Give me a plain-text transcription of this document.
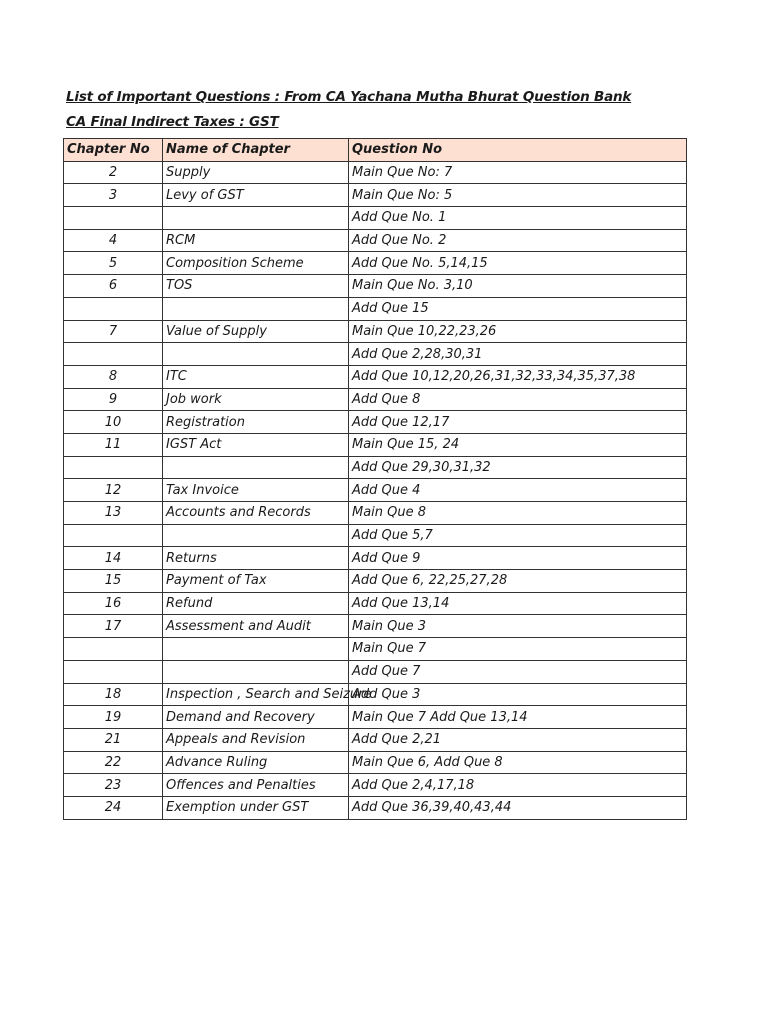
List of Important Questions : From CA Yachana Mutha Bhurat Question Bank
CA Final Indirect Taxes : GST
Chapter No	Name of Chapter	Question No
2	Supply	Main Que No: 7
3	Levy of GST	Main Que No: 5
		Add Que No. 1
4	RCM	Add Que No. 2
5	Composition Scheme	Add Que No. 5,14,15
6	TOS	Main Que No. 3,10
		Add Que 15
7	Value of Supply	Main Que 10,22,23,26
		Add Que 2,28,30,31
8	ITC	Add Que 10,12,20,26,31,32,33,34,35,37,38
9	Job work	Add Que 8
10	Registration	Add Que 12,17
11	IGST Act	Main Que 15, 24
		Add Que 29,30,31,32
12	Tax Invoice	Add Que 4
13	Accounts and Records	Main Que 8
		Add Que 5,7
14	Returns	Add Que 9
15	Payment of Tax	Add Que 6, 22,25,27,28
16	Refund	Add Que 13,14
17	Assessment and Audit	Main Que 3
		Main Que 7
		Add Que 7
18	Inspection , Search and Seizure	Add Que 3
19	Demand and Recovery	Main Que 7 Add Que 13,14
21	Appeals and Revision	Add Que 2,21
22	Advance Ruling	Main Que 6, Add Que 8
23	Offences and Penalties	Add Que 2,4,17,18
24	Exemption under GST	Add Que 36,39,40,43,44
